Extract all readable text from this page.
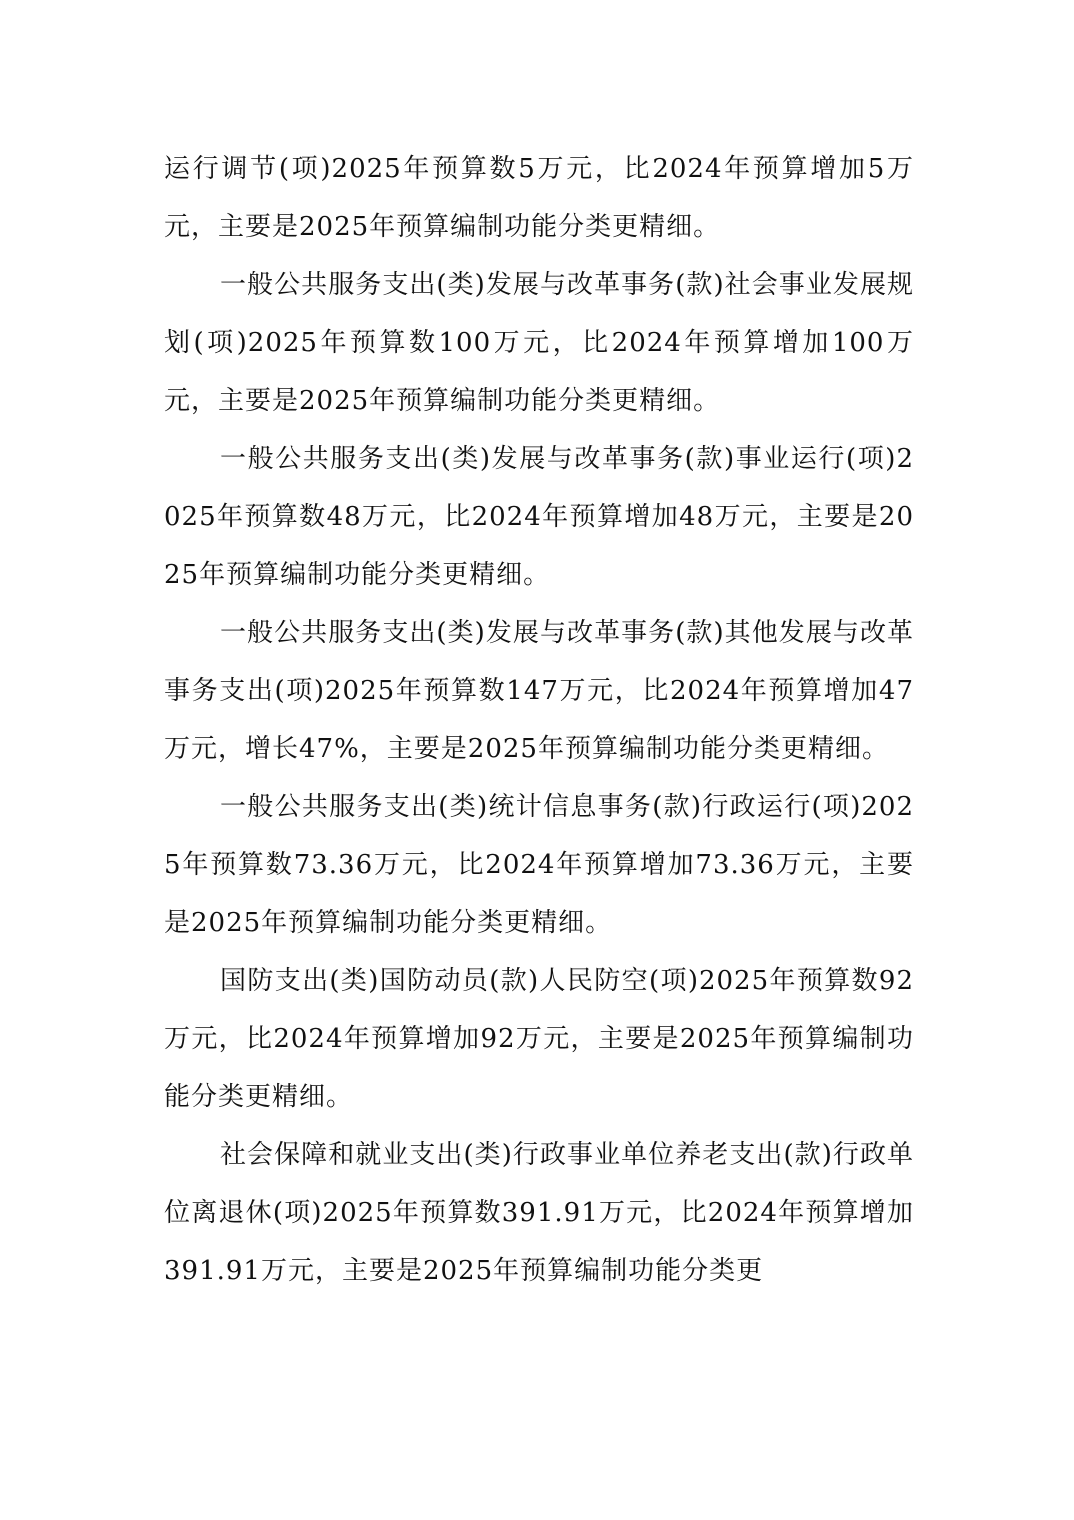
运行调节(项)2025年预算数5万元，比2024年预算增加5万元，主要是2025年预算编制功能分类更精细。

一般公共服务支出(类)发展与改革事务(款)社会事业发展规划(项)2025年预算数100万元，比2024年预算增加100万元，主要是2025年预算编制功能分类更精细。

一般公共服务支出(类)发展与改革事务(款)事业运行(项)2025年预算数48万元，比2024年预算增加48万元，主要是2025年预算编制功能分类更精细。

一般公共服务支出(类)发展与改革事务(款)其他发展与改革事务支出(项)2025年预算数147万元，比2024年预算增加47万元，增长47%，主要是2025年预算编制功能分类更精细。

一般公共服务支出(类)统计信息事务(款)行政运行(项)2025年预算数73.36万元，比2024年预算增加73.36万元，主要是2025年预算编制功能分类更精细。

国防支出(类)国防动员(款)人民防空(项)2025年预算数92万元，比2024年预算增加92万元，主要是2025年预算编制功能分类更精细。

社会保障和就业支出(类)行政事业单位养老支出(款)行政单位离退休(项)2025年预算数391.91万元，比2024年预算增加391.91万元，主要是2025年预算编制功能分类更
